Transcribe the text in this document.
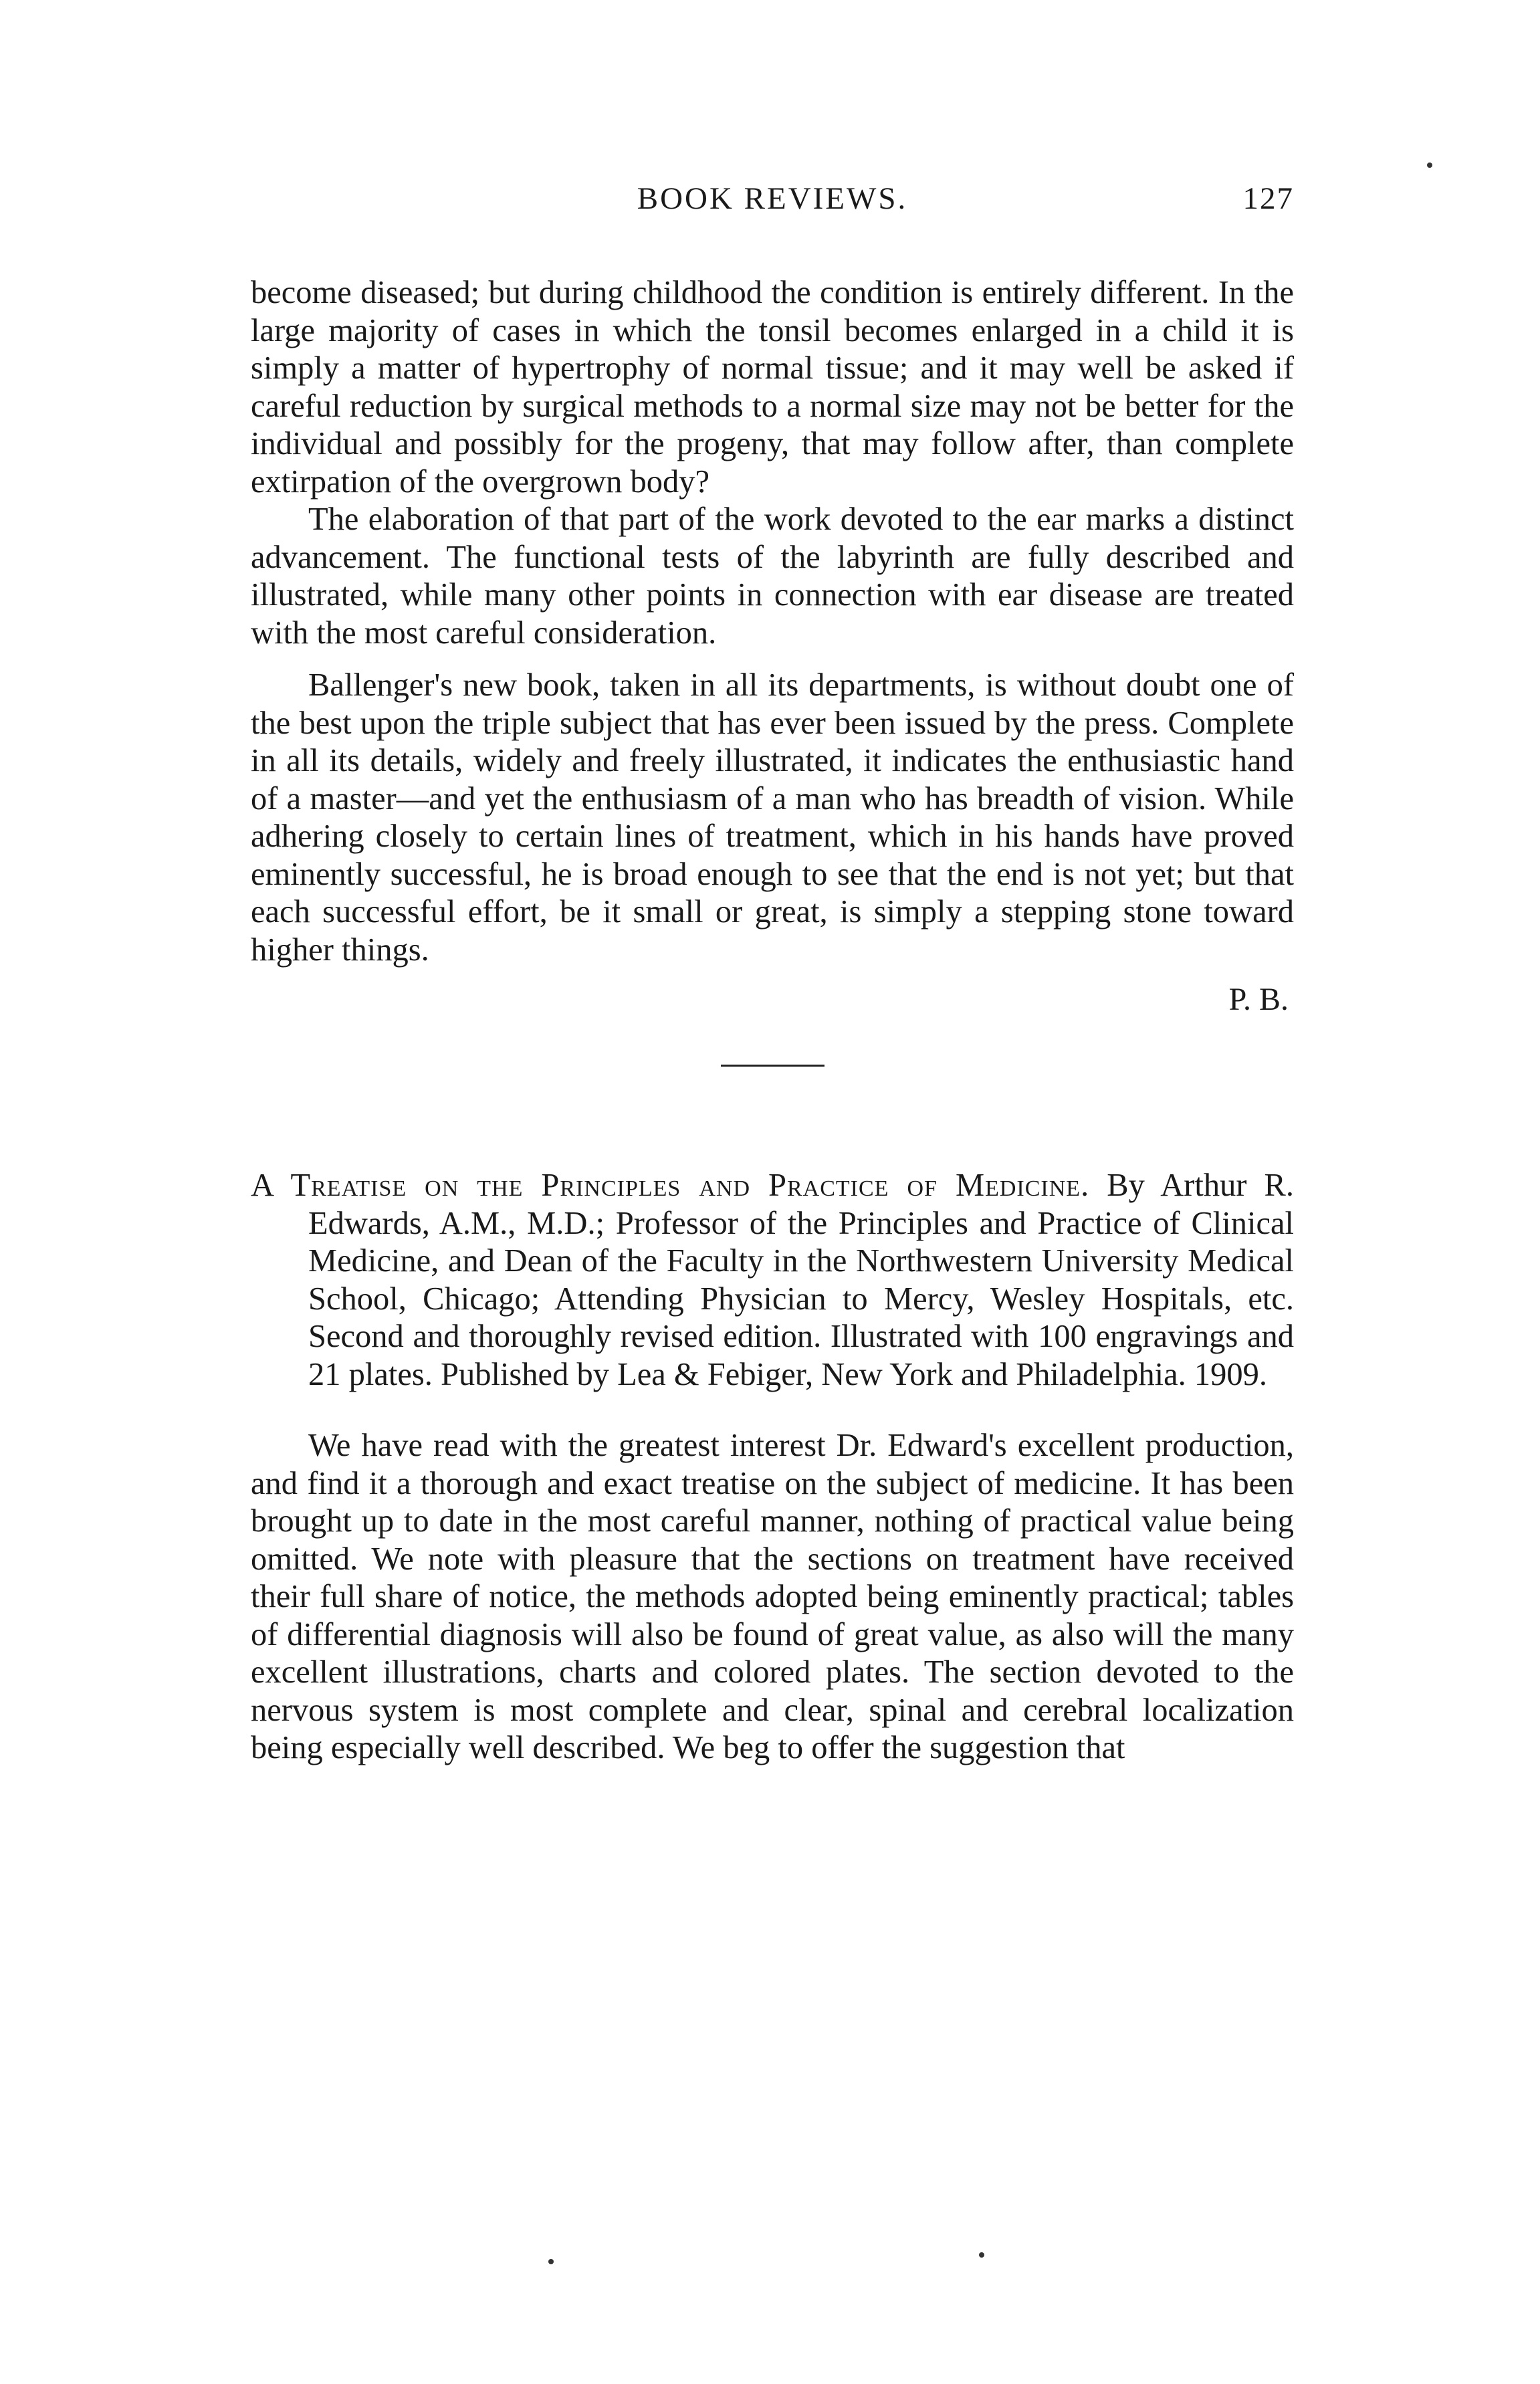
BOOK REVIEWS.	127

become diseased; but during childhood the condition is entirely different. In the large majority of cases in which the tonsil becomes enlarged in a child it is simply a matter of hypertrophy of normal tissue; and it may well be asked if careful reduction by surgical methods to a normal size may not be better for the individual and possibly for the progeny, that may follow after, than complete extirpation of the overgrown body?

The elaboration of that part of the work devoted to the ear marks a distinct advancement. The functional tests of the labyrinth are fully described and illustrated, while many other points in connection with ear disease are treated with the most careful consideration.

Ballenger's new book, taken in all its departments, is without doubt one of the best upon the triple subject that has ever been issued by the press. Complete in all its details, widely and freely illustrated, it indicates the enthusiastic hand of a master—and yet the enthusiasm of a man who has breadth of vision. While adhering closely to certain lines of treatment, which in his hands have proved eminently successful, he is broad enough to see that the end is not yet; but that each successful effort, be it small or great, is simply a stepping stone toward higher things.

P. B.

A Treatise on the Principles and Practice of Medicine. By Arthur R. Edwards, A.M., M.D.; Professor of the Principles and Practice of Clinical Medicine, and Dean of the Faculty in the Northwestern University Medical School, Chicago; Attending Physician to Mercy, Wesley Hospitals, etc. Second and thoroughly revised edition. Illustrated with 100 engravings and 21 plates. Published by Lea & Febiger, New York and Philadelphia. 1909.

We have read with the greatest interest Dr. Edward's excellent production, and find it a thorough and exact treatise on the subject of medicine. It has been brought up to date in the most careful manner, nothing of practical value being omitted. We note with pleasure that the sections on treatment have received their full share of notice, the methods adopted being eminently practical; tables of differential diagnosis will also be found of great value, as also will the many excellent illustrations, charts and colored plates. The section devoted to the nervous system is most complete and clear, spinal and cerebral localization being especially well described. We beg to offer the suggestion that
